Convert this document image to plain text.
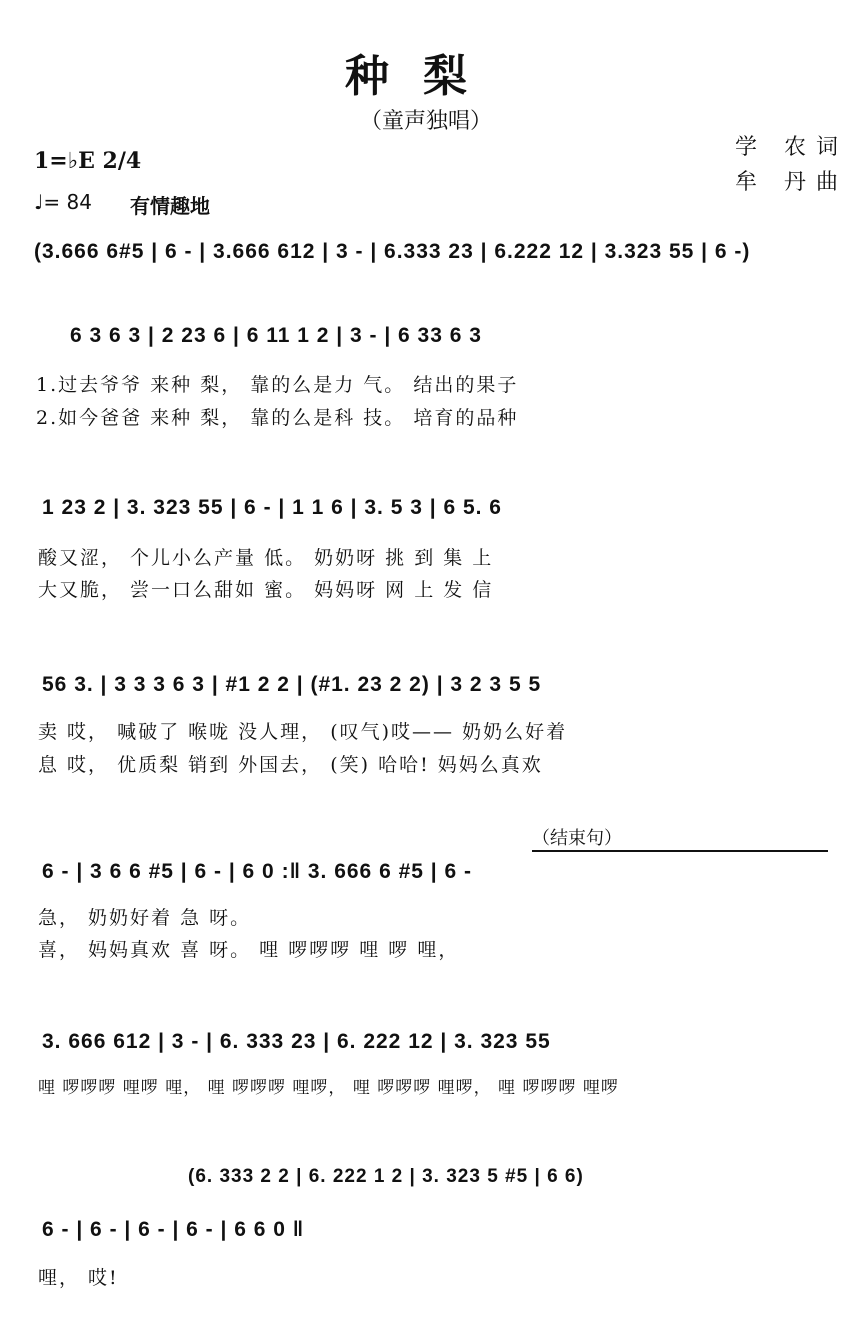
种梨
（童声独唱）
学 农词
牟 丹曲
1=♭E 2/4
♩= 84 有情趣地
(3.666 6#5 | 6 - | 3.666 612 | 3 - | 6.333 23 | 6.222 12 | 3.323 55 | 6 -)
6 3 6 3 | 2 23 6 | 6 11 1 2 | 3 - | 6 33 6 3
1.过去爷爷 来种 梨， 靠的么是力 气。 结出的果子
2.如今爸爸 来种 梨， 靠的么是科 技。 培育的品种
1 23 2 | 3. 323 55 | 6 - | 1 1 6 | 3. 5 3 | 6 5. 6
酸又涩， 个儿小么产量 低。 奶奶呀 挑 到 集 上
大又脆， 尝一口么甜如 蜜。 妈妈呀 网 上 发 信
56 3. | 3 3 3 6 3 | #1 2 2 | (#1. 23 2 2) | 3 2 3 5 5
卖 哎， 喊破了 喉咙 没人理， (叹气)哎—— 奶奶么好着
息 哎， 优质梨 销到 外国去， (笑) 哈哈! 妈妈么真欢
（结束句）
6 - | 3 6 6 #5 | 6 - | 6 0 :‖ 3. 666 6 #5 | 6 -
急， 奶奶好着 急 呀。
喜， 妈妈真欢 喜 呀。 哩 啰啰啰 哩 啰 哩，
3. 666 612 | 3 - | 6. 333 23 | 6. 222 12 | 3. 323 55
哩 啰啰啰 哩啰 哩， 哩 啰啰啰 哩啰， 哩 啰啰啰 哩啰， 哩 啰啰啰 哩啰
(6. 333 2 2 | 6. 222 1 2 | 3. 323 5 #5 | 6 6)
6 - | 6 - | 6 - | 6 - | 6 6 0 ‖
哩， 哎!
